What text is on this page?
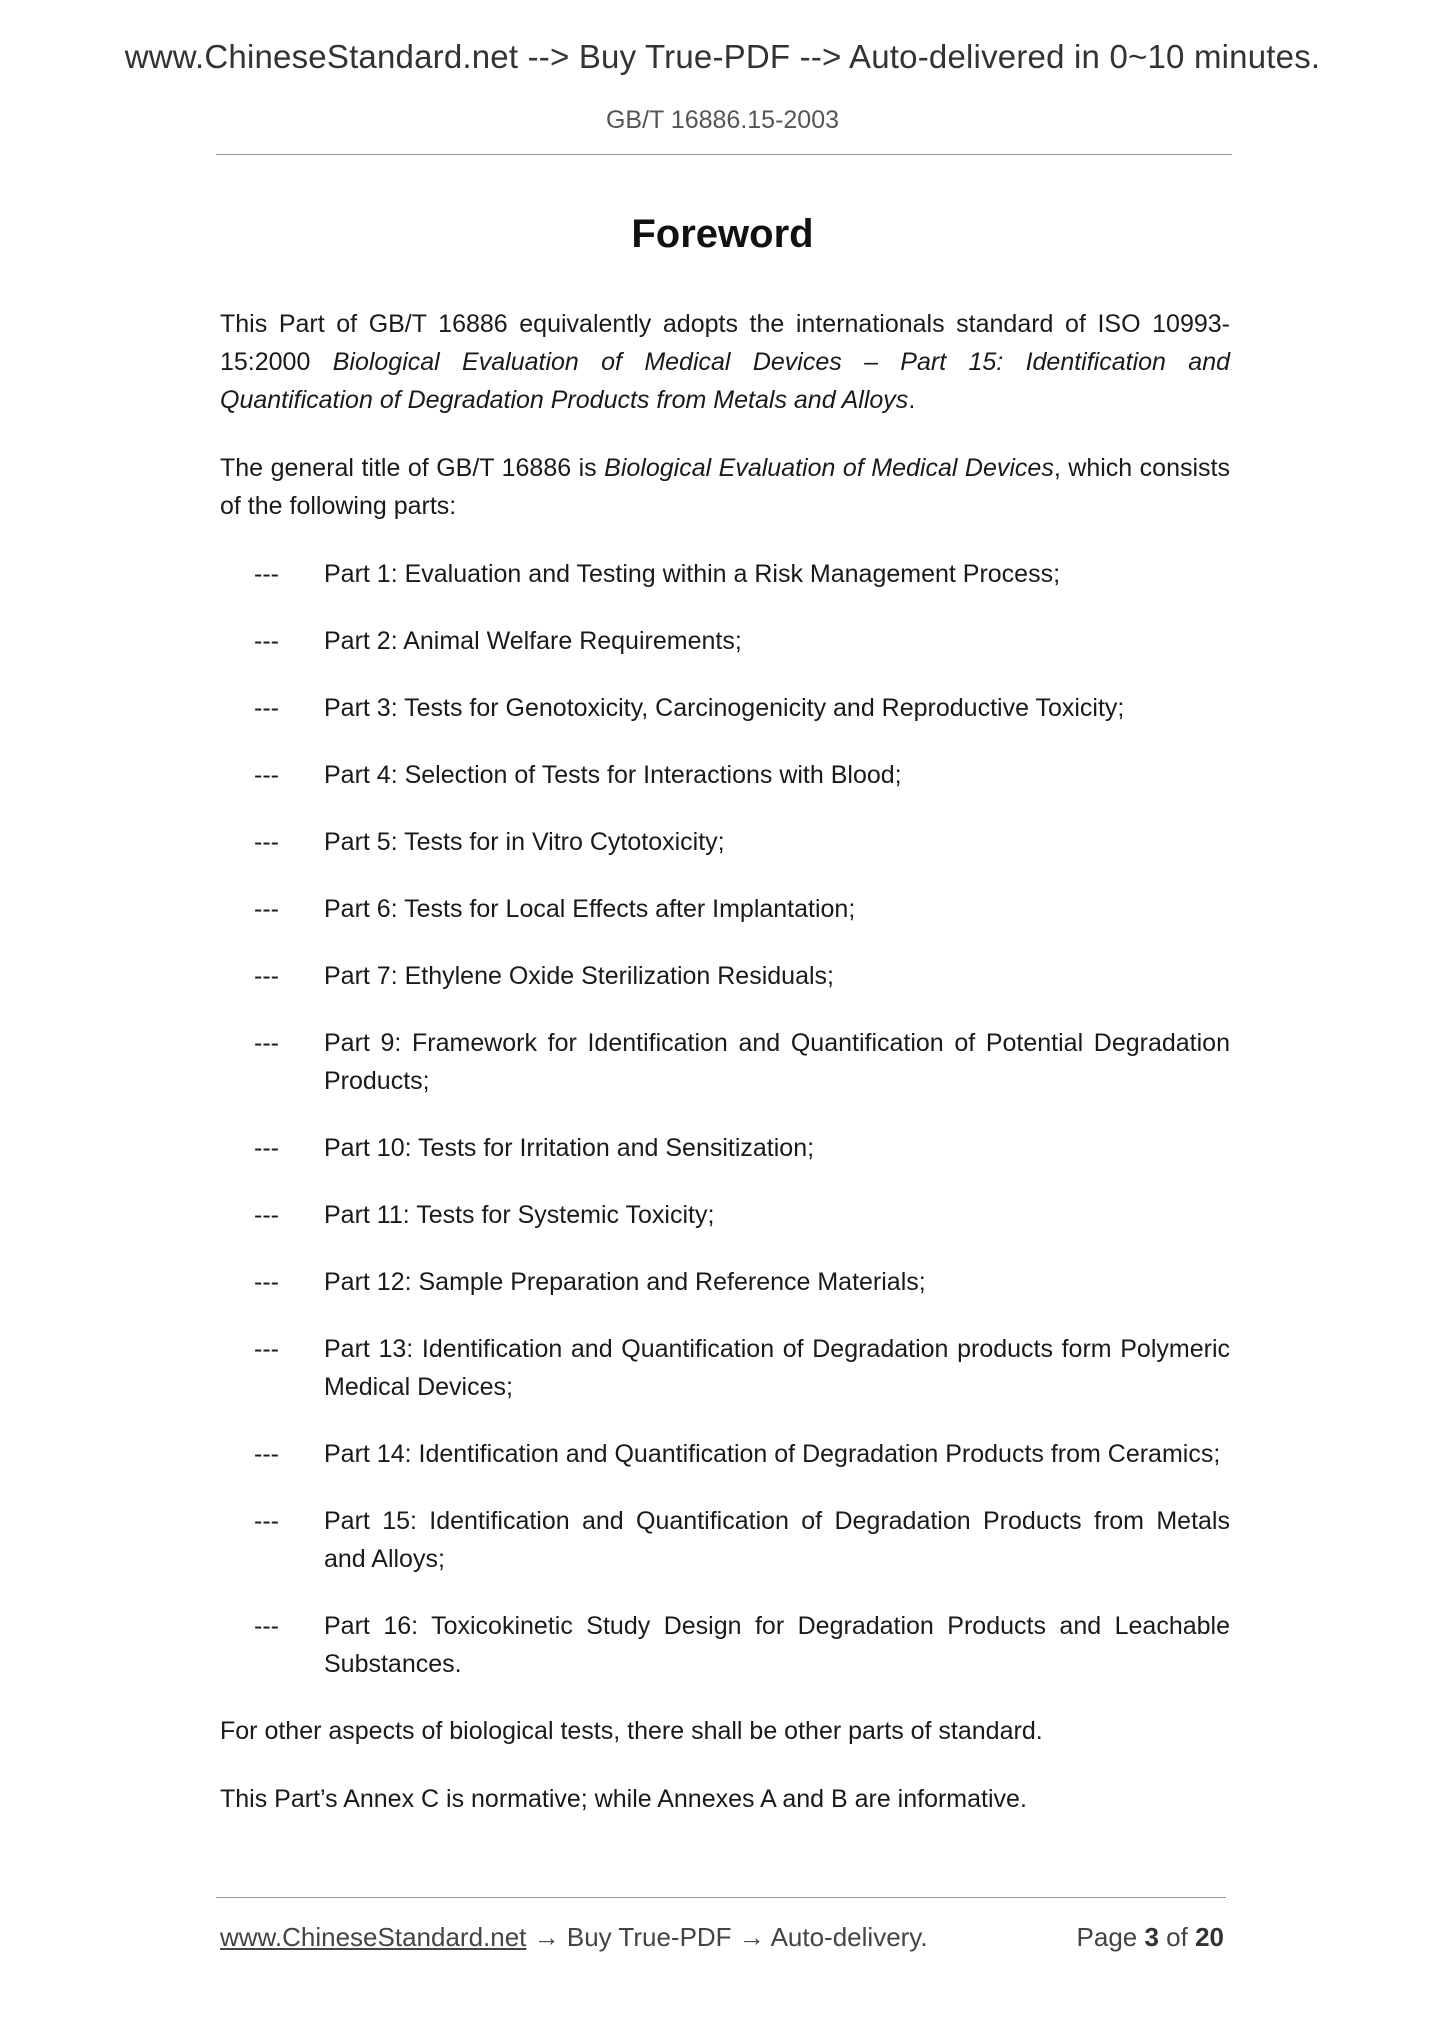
www.ChineseStandard.net --> Buy True-PDF --> Auto-delivered in 0~10 minutes.
GB/T 16886.15-2003
Foreword

This Part of GB/T 16886 equivalently adopts the internationals standard of ISO 10993-15:2000 Biological Evaluation of Medical Devices – Part 15: Identification and Quantification of Degradation Products from Metals and Alloys.

The general title of GB/T 16886 is Biological Evaluation of Medical Devices, which consists of the following parts:

--- Part 1: Evaluation and Testing within a Risk Management Process;
--- Part 2: Animal Welfare Requirements;
--- Part 3: Tests for Genotoxicity, Carcinogenicity and Reproductive Toxicity;
--- Part 4: Selection of Tests for Interactions with Blood;
--- Part 5: Tests for in Vitro Cytotoxicity;
--- Part 6: Tests for Local Effects after Implantation;
--- Part 7: Ethylene Oxide Sterilization Residuals;
--- Part 9: Framework for Identification and Quantification of Potential Degradation Products;
--- Part 10: Tests for Irritation and Sensitization;
--- Part 11: Tests for Systemic Toxicity;
--- Part 12: Sample Preparation and Reference Materials;
--- Part 13: Identification and Quantification of Degradation products form Polymeric Medical Devices;
--- Part 14: Identification and Quantification of Degradation Products from Ceramics;
--- Part 15: Identification and Quantification of Degradation Products from Metals and Alloys;
--- Part 16: Toxicokinetic Study Design for Degradation Products and Leachable Substances.

For other aspects of biological tests, there shall be other parts of standard.

This Part’s Annex C is normative; while Annexes A and B are informative.

www.ChineseStandard.net → Buy True-PDF → Auto-delivery.	Page 3 of 20
